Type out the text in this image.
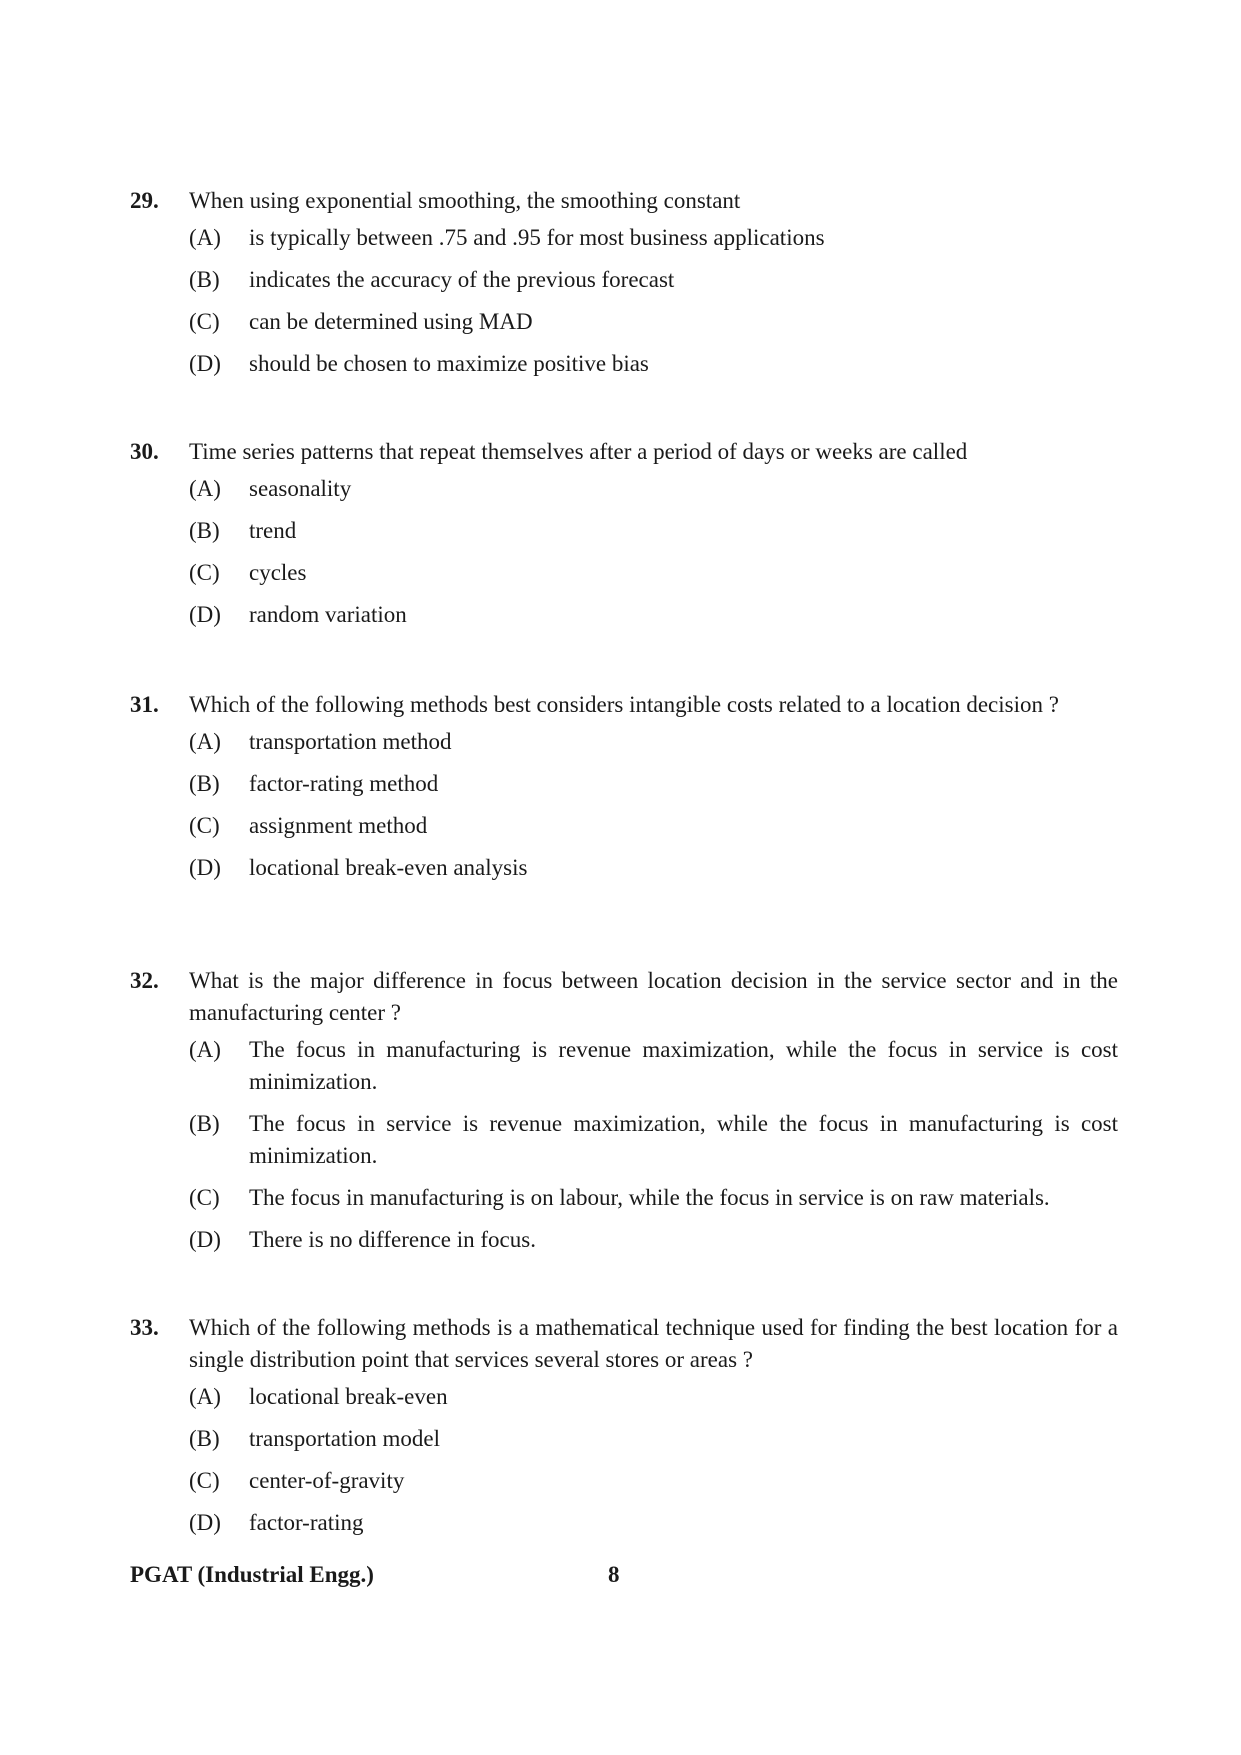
29. When using exponential smoothing, the smoothing constant
(A) is typically between .75 and .95 for most business applications
(B) indicates the accuracy of the previous forecast
(C) can be determined using MAD
(D) should be chosen to maximize positive bias
30. Time series patterns that repeat themselves after a period of days or weeks are called
(A) seasonality
(B) trend
(C) cycles
(D) random variation
31. Which of the following methods best considers intangible costs related to a location decision ?
(A) transportation method
(B) factor-rating method
(C) assignment method
(D) locational break-even analysis
32. What is the major difference in focus between location decision in the service sector and in the manufacturing center ?
(A) The focus in manufacturing is revenue maximization, while the focus in service is cost minimization.
(B) The focus in service is revenue maximization, while the focus in manufacturing is cost minimization.
(C) The focus in manufacturing is on labour, while the focus in service is on raw materials.
(D) There is no difference in focus.
33. Which of the following methods is a mathematical technique used for finding the best location for a single distribution point that services several stores or areas ?
(A) locational break-even
(B) transportation model
(C) center-of-gravity
(D) factor-rating
PGAT (Industrial Engg.)	8
